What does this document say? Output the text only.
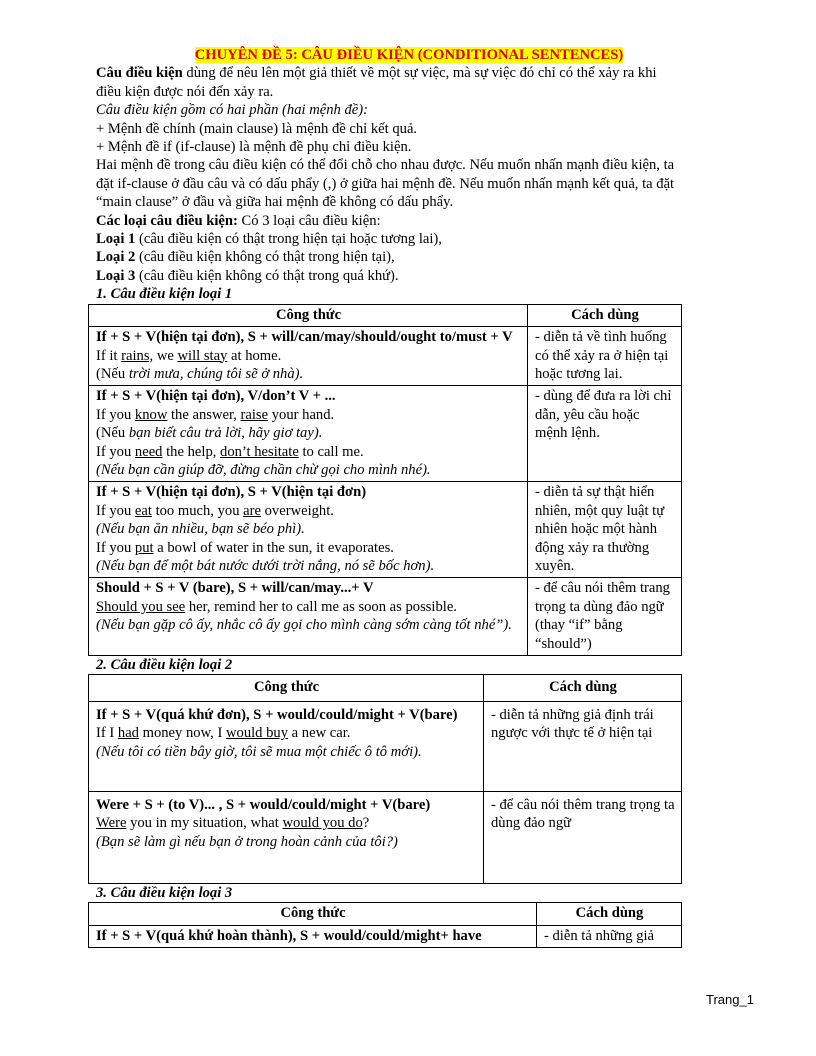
CHUYÊN ĐỀ 5: CÂU ĐIỀU KIỆN (CONDITIONAL SENTENCES)

Câu điều kiện dùng để nêu lên một giả thiết về một sự việc, mà sự việc đó chỉ có thể xảy ra khi điều kiện được nói đến xảy ra.

Câu điều kiện gồm có hai phần (hai mệnh đề):

+ Mệnh đề chính (main clause) là mệnh đề chỉ kết quả.

+ Mệnh đề if (if-clause) là mệnh đề phụ chỉ điều kiện.

Hai mệnh đề trong câu điều kiện có thể đổi chỗ cho nhau được. Nếu muốn nhấn mạnh điều kiện, ta đặt if-clause ở đầu câu và có dấu phẩy (,) ở giữa hai mệnh đề. Nếu muốn nhấn mạnh kết quả, ta đặt “main clause” ở đầu và giữa hai mệnh đề không có dấu phẩy.

Các loại câu điều kiện: Có 3 loại câu điều kiện:

Loại 1 (câu điều kiện có thật trong hiện tại hoặc tương lai),

Loại 2 (câu điều kiện không có thật trong hiện tại),

Loại 3 (câu điều kiện không có thật trong quá khứ).

1. Câu điều kiện loại 1

Công thức	Cách dùng
If + S + V(hiện tại đơn), S + will/can/may/should/ought to/must + V
If it rains, we will stay at home.
(Nếu trời mưa, chúng tôi sẽ ở nhà).	- diễn tả về tình huống có thể xảy ra ở hiện tại hoặc tương lai.
If + S + V(hiện tại đơn), V/don’t V + ...
If you know the answer, raise your hand.
(Nếu bạn biết câu trả lời, hãy giơ tay).
If you need the help, don’t hesitate to call me.
(Nếu bạn cần giúp đỡ, đừng chần chừ gọi cho mình nhé).	- dùng để đưa ra lời chỉ dẫn, yêu cầu hoặc mệnh lệnh.
If + S + V(hiện tại đơn), S + V(hiện tại đơn)
If you eat too much, you are overweight.
(Nếu bạn ăn nhiều, bạn sẽ béo phì).
If you put a bowl of water in the sun, it evaporates.
(Nếu bạn để một bát nước dưới trời nắng, nó sẽ bốc hơn).	- diễn tả sự thật hiển nhiên, một quy luật tự nhiên hoặc một hành động xảy ra thường xuyên.
Should + S + V (bare), S + will/can/may...+ V
Should you see her, remind her to call me as soon as possible.
(Nếu bạn gặp cô ấy, nhắc cô ấy gọi cho mình càng sớm càng tốt nhé”).	- để câu nói thêm trang trọng ta dùng đảo ngữ (thay “if” bằng “should”)

2. Câu điều kiện loại 2

Công thức	Cách dùng
If + S + V(quá khứ đơn), S + would/could/might + V(bare)
If I had money now, I would buy a new car.
(Nếu tôi có tiền bây giờ, tôi sẽ mua một chiếc ô tô mới).	- diễn tả những giả định trái ngược với thực tế ở hiện tại
Were + S + (to V)... , S + would/could/might + V(bare)
Were you in my situation, what would you do?
(Bạn sẽ làm gì nếu bạn ở trong hoàn cảnh của tôi?)	- để câu nói thêm trang trọng ta dùng đảo ngữ

3. Câu điều kiện loại 3

Công thức	Cách dùng
If + S + V(quá khứ hoàn thành), S + would/could/might+ have	- diễn tả những giả
Trang_1
